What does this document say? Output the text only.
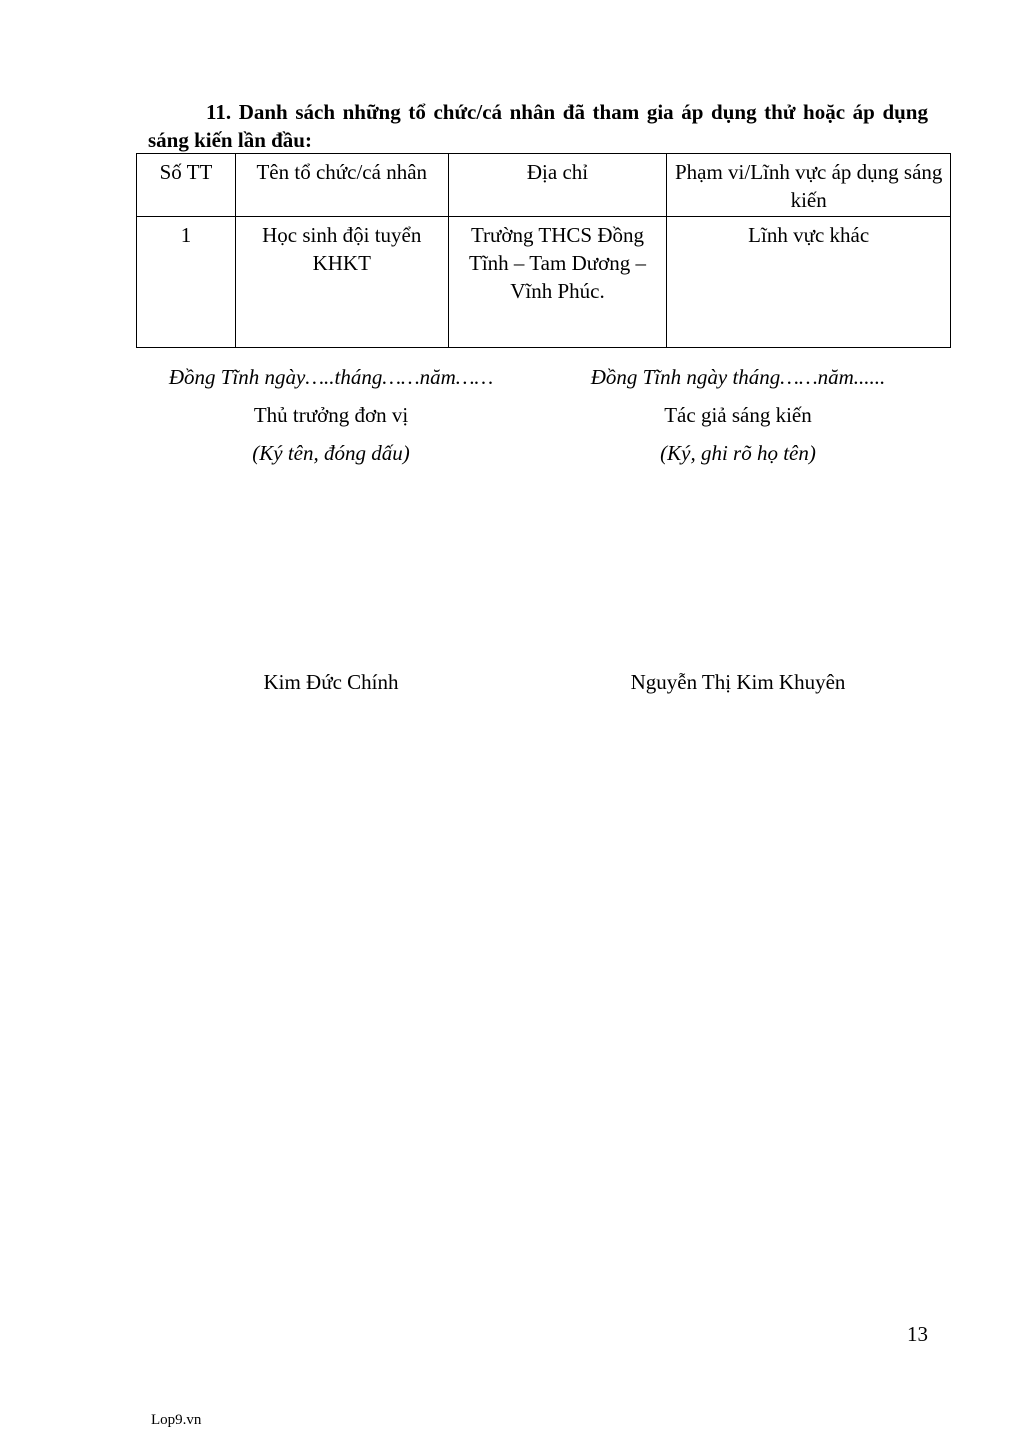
11. Danh sách những tổ chức/cá nhân đã tham gia áp dụng thử hoặc áp dụng sáng kiến lần đầu:
Số TT	Tên tổ chức/cá nhân	Địa chỉ	Phạm vi/Lĩnh vực áp dụng sáng kiến
1	Học sinh đội tuyển KHKT	Trường THCS Đồng Tĩnh – Tam Dương – Vĩnh Phúc.	Lĩnh vực khác
Đồng Tĩnh ngày…..tháng……năm……
Thủ trưởng đơn vị
(Ký tên, đóng dấu)
Đồng Tĩnh ngày tháng……năm......
Tác giả sáng kiến
(Ký, ghi rõ họ tên)
Kim Đức Chính	Nguyễn Thị Kim Khuyên
13
Lop9.vn
